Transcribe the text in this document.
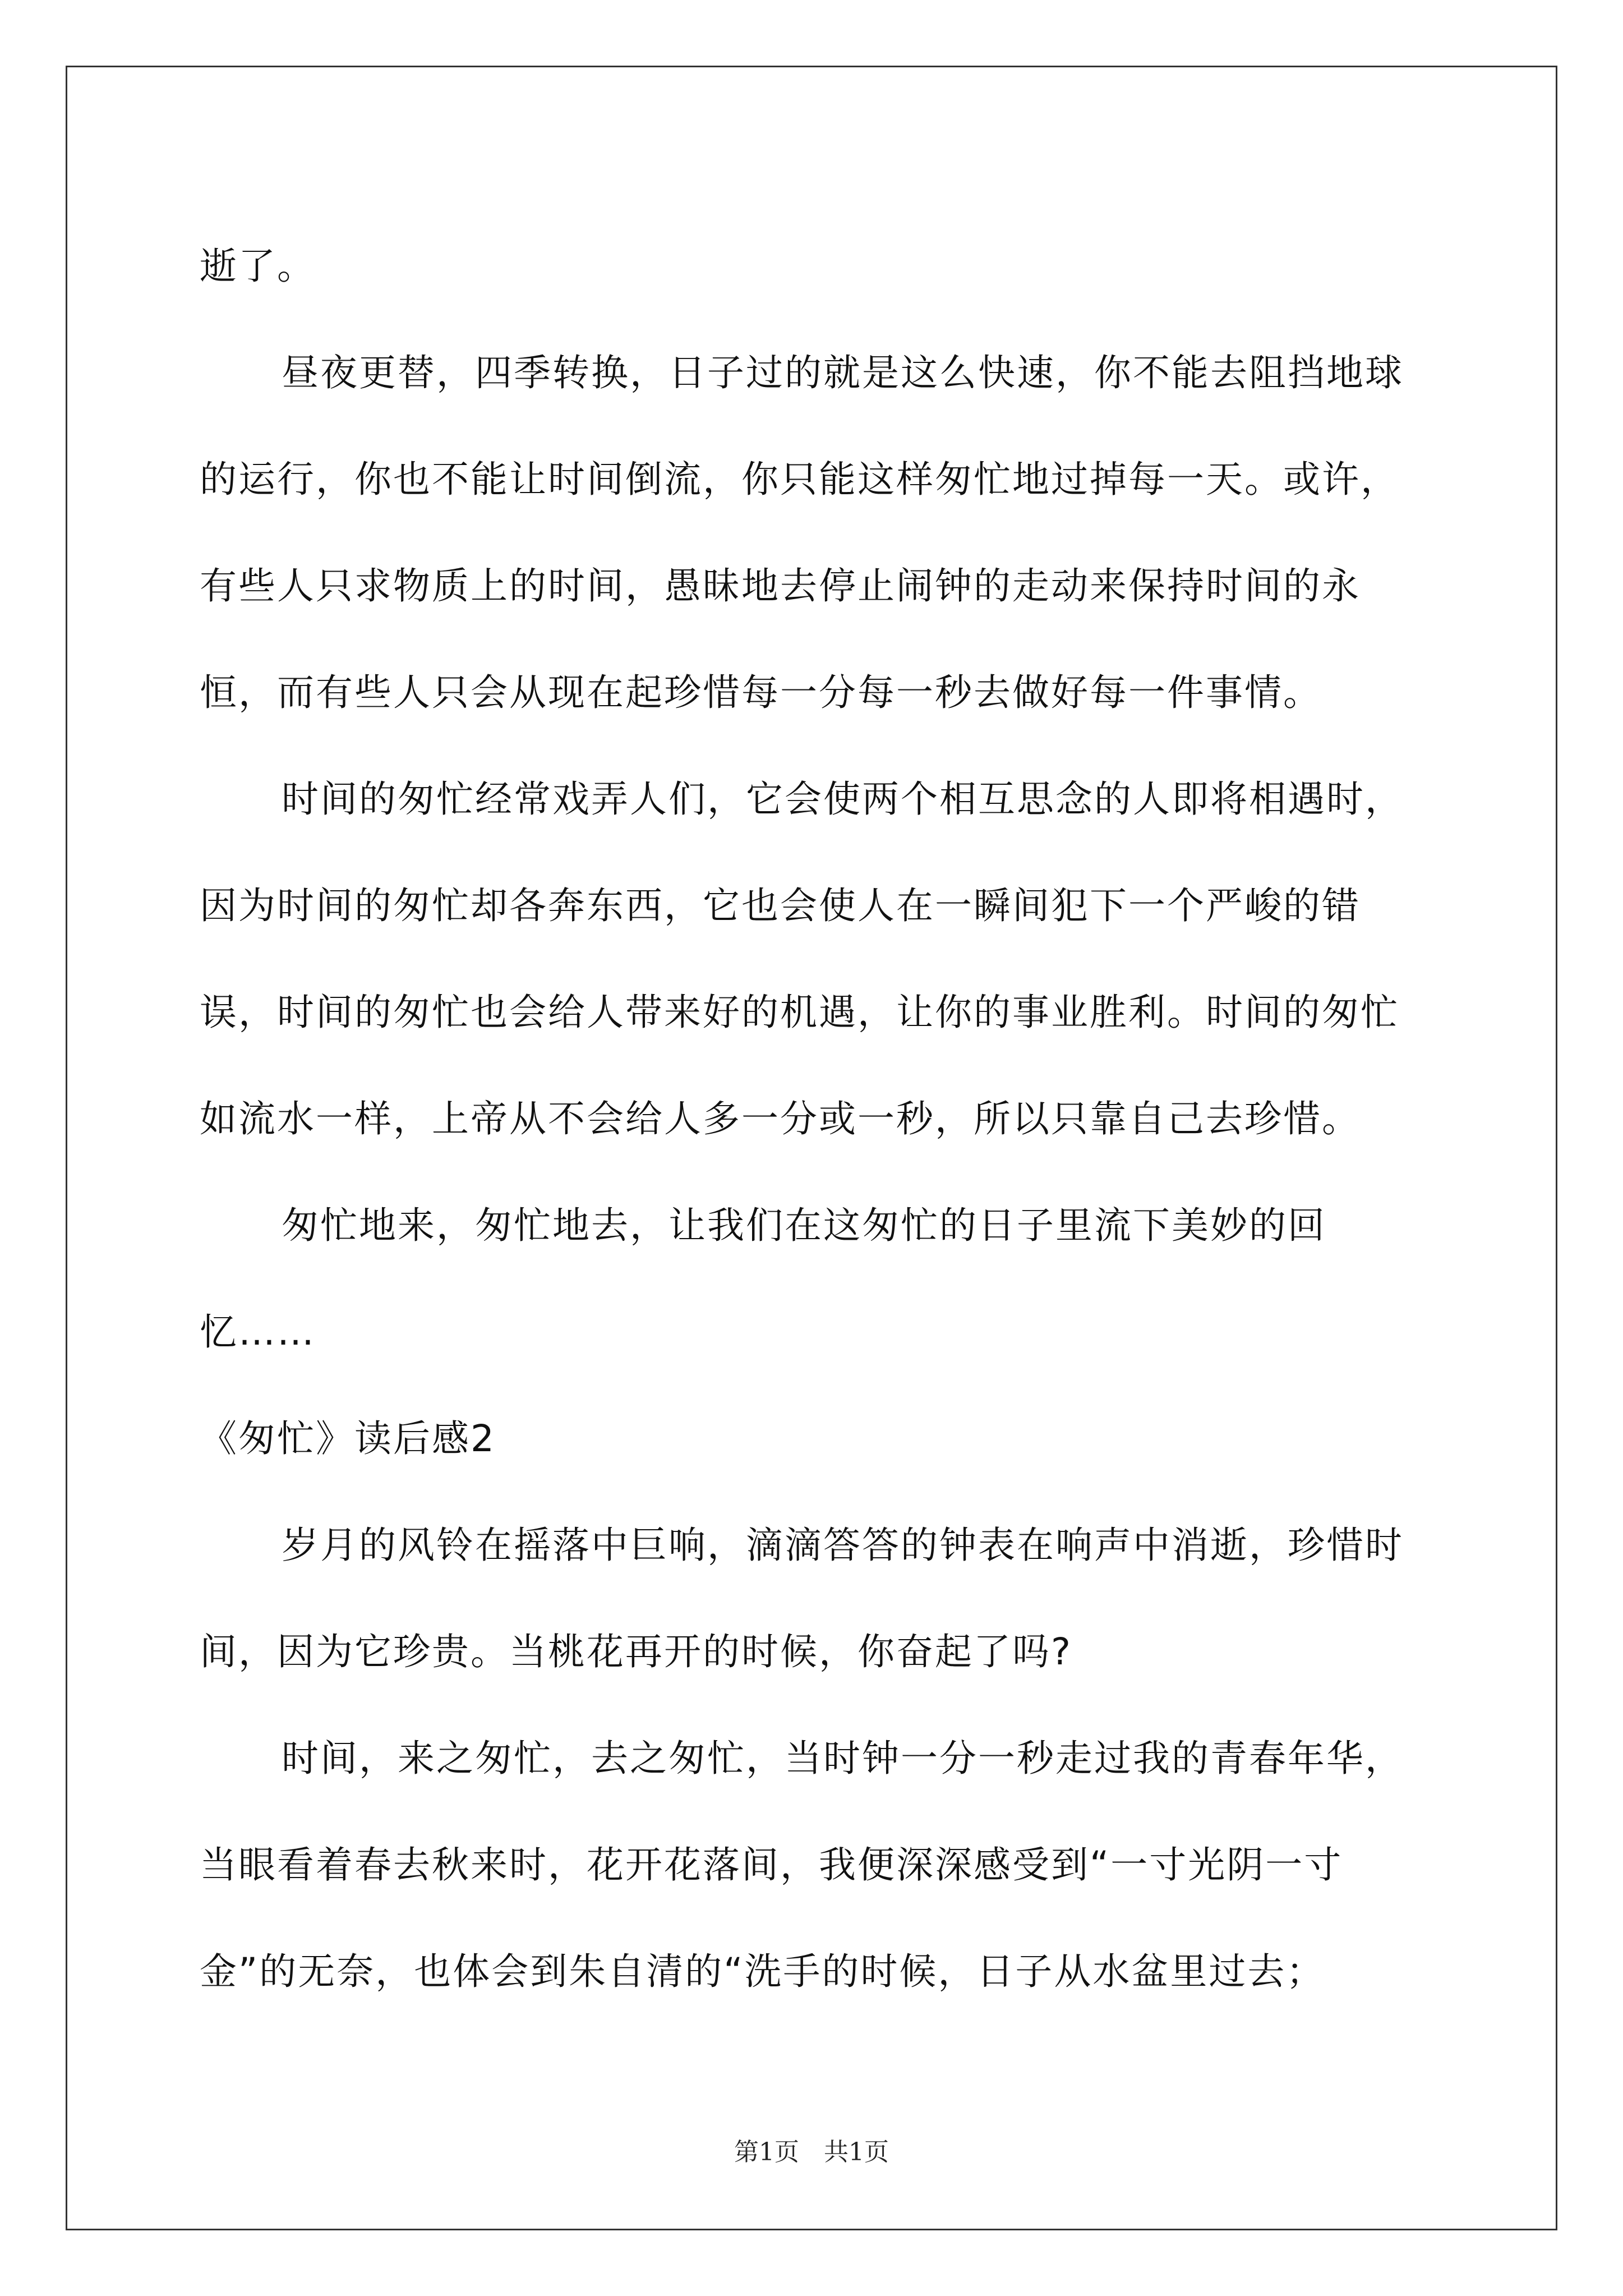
逝了。

昼夜更替，四季转换，日子过的就是这么快速，你不能去阻挡地球的运行，你也不能让时间倒流，你只能这样匆忙地过掉每一天。或许，有些人只求物质上的时间，愚昧地去停止闹钟的走动来保持时间的永恒，而有些人只会从现在起珍惜每一分每一秒去做好每一件事情。

时间的匆忙经常戏弄人们，它会使两个相互思念的人即将相遇时，因为时间的匆忙却各奔东西，它也会使人在一瞬间犯下一个严峻的错误，时间的匆忙也会给人带来好的机遇，让你的事业胜利。时间的匆忙如流水一样，上帝从不会给人多一分或一秒，所以只靠自己去珍惜。

匆忙地来，匆忙地去，让我们在这匆忙的日子里流下美妙的回忆……

《匆忙》读后感2

岁月的风铃在摇落中巨响，滴滴答答的钟表在响声中消逝，珍惜时间，因为它珍贵。当桃花再开的时候，你奋起了吗?

时间，来之匆忙，去之匆忙，当时钟一分一秒走过我的青春年华，当眼看着春去秋来时，花开花落间，我便深深感受到“一寸光阴一寸金”的无奈，也体会到朱自清的“洗手的时候，日子从水盆里过去；

第1页　共1页
